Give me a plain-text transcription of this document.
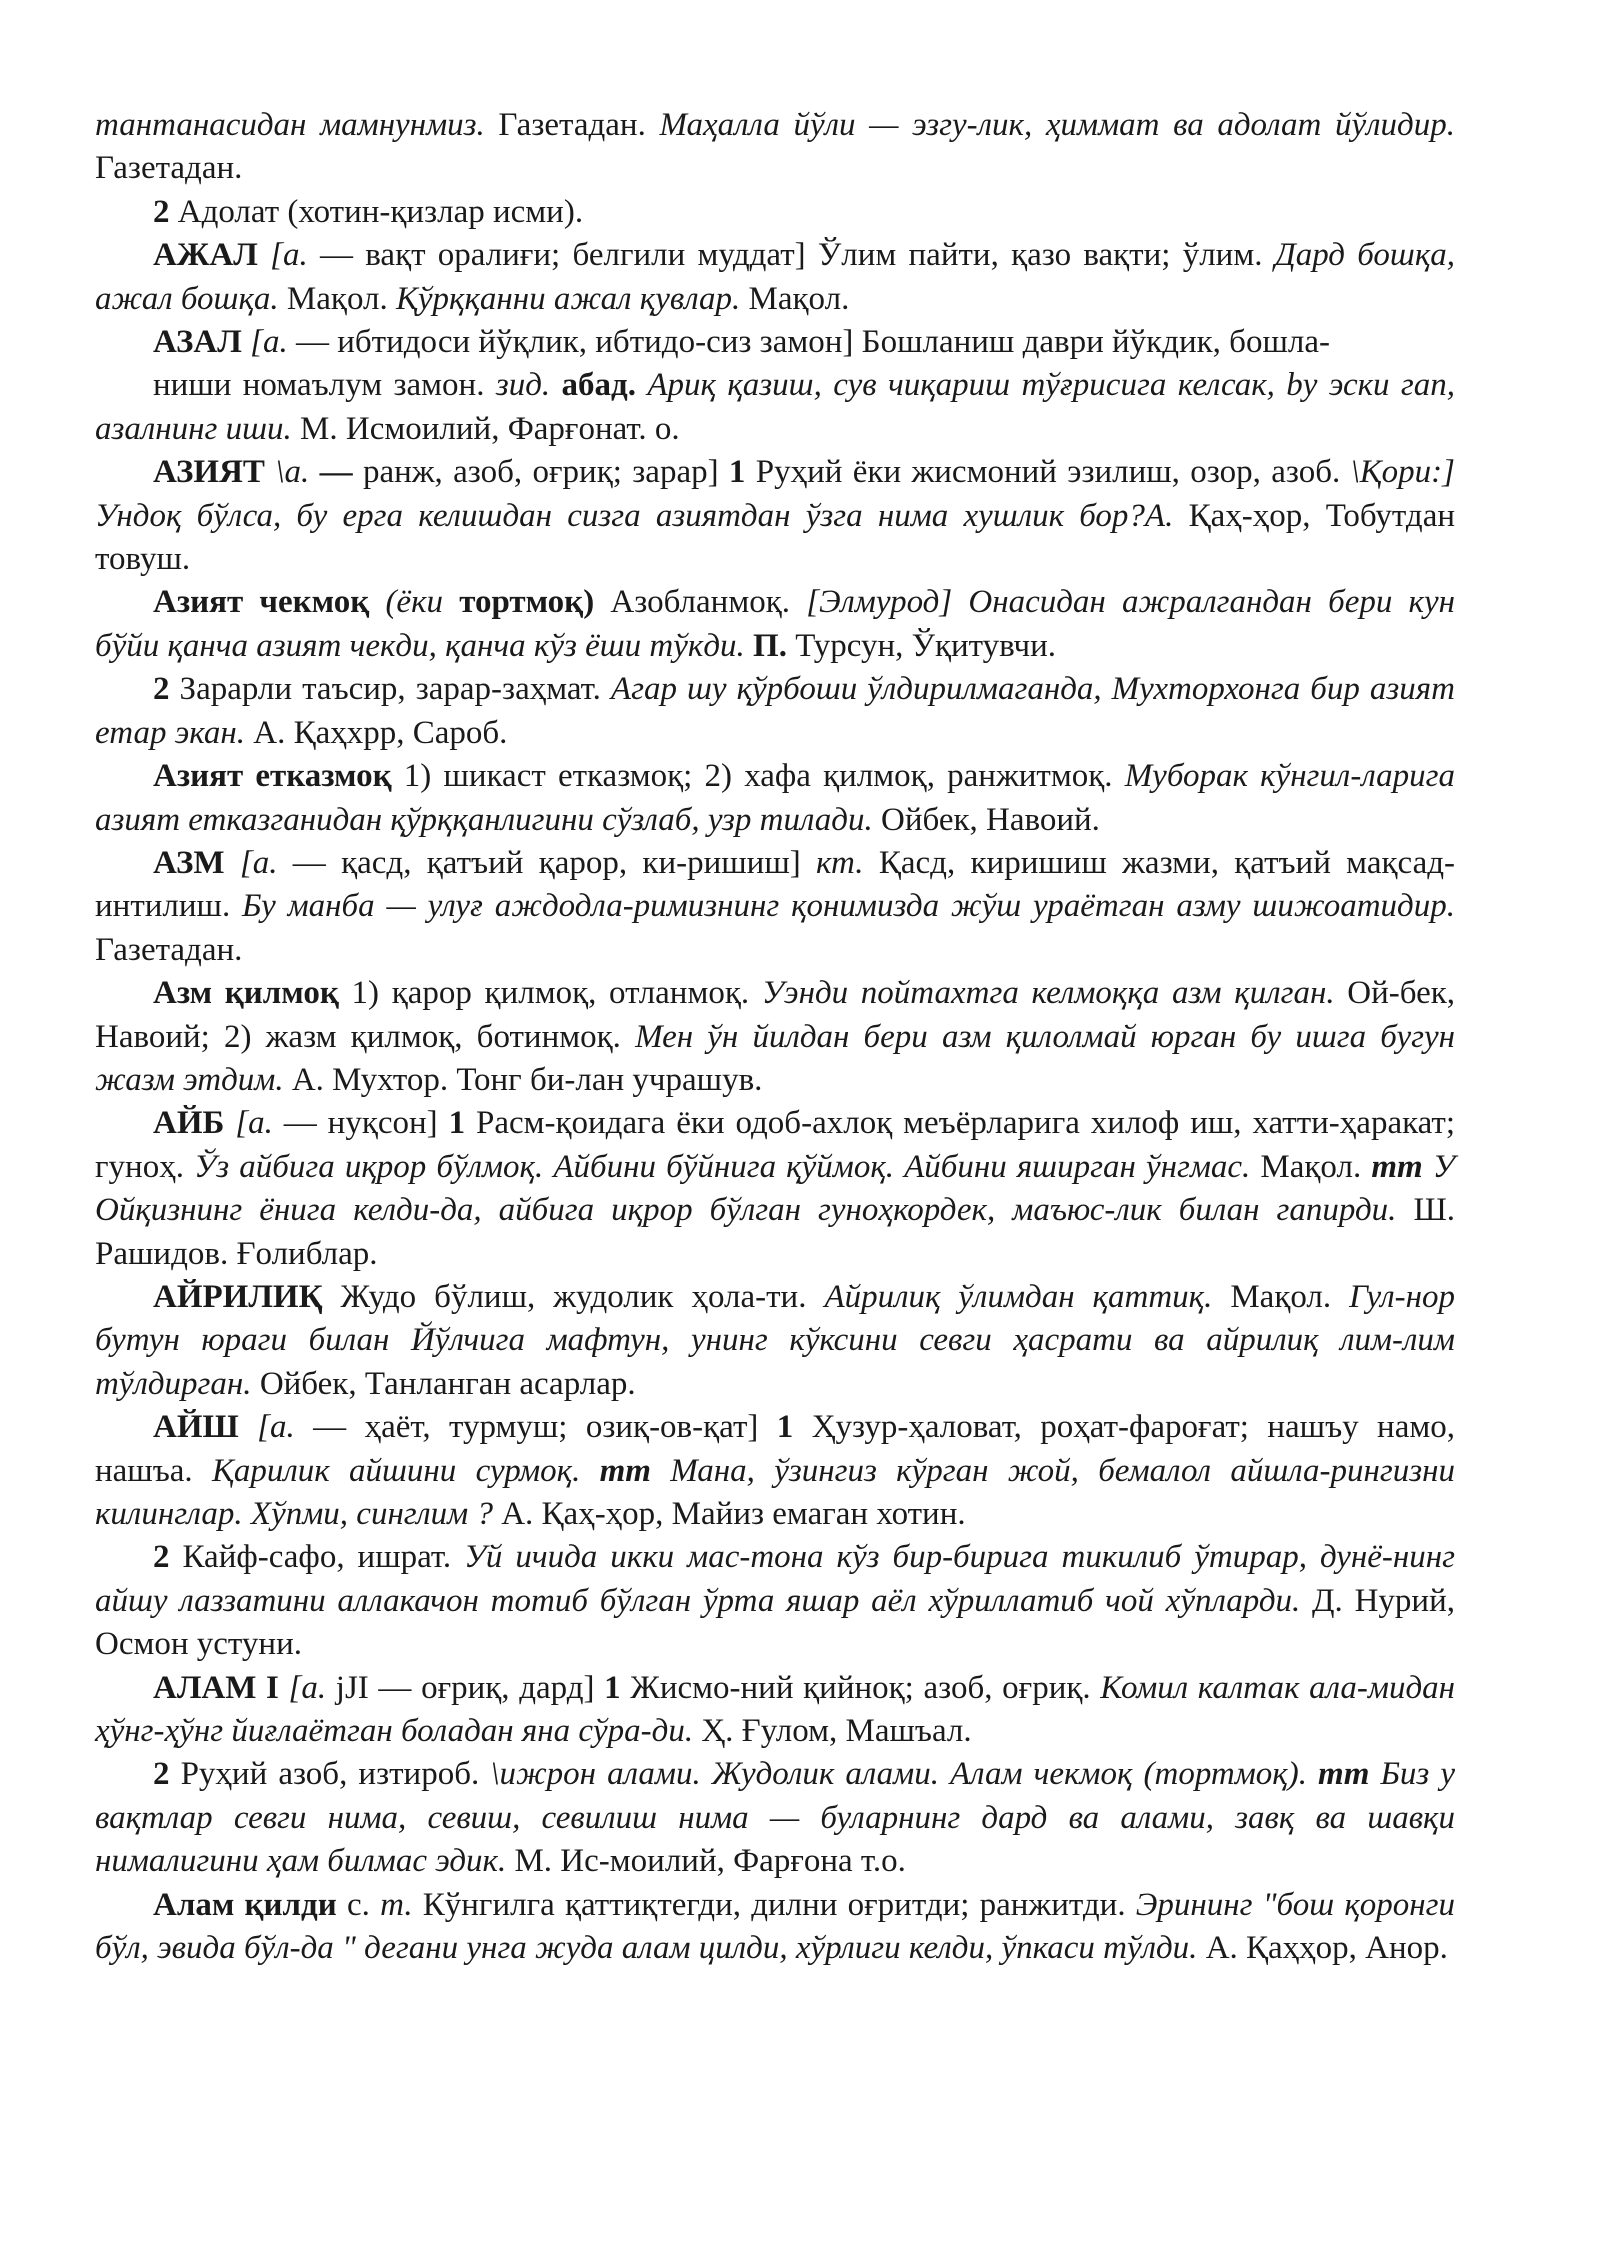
тантанасидан мамнунмиз. Газетадан. Маҳалла йўли — эзгу-лик, ҳиммат ва адолат йўлидир. Газетадан.

2 Адолат (хотин-қизлар исми).

АЖАЛ [а. — вақт оралиғи; белгили муддат] Ўлим пайти, қазо вақти; ўлим. Дард бошқа, ажал бошқа. Мақол. Қўрққанни ажал қувлар. Мақол.

АЗАЛ [а. — ибтидоси йўқлик, ибтидо-сиз замон] Бошланиш даври йўкдик, бошла-

ниши номаълум замон. зид. абад. Ариқ қазиш, сув чиқариш тўғрисига келсак, bу эски гап, азалнинг иши. М. Исмоилий, Фарғонат. о.

АЗИЯТ \а. — ранж, азоб, оғриқ; зарар] 1 Руҳий ёки жисмоний эзилиш, озор, азоб. \Қори:] Ундоқ бўлса, бу ерга келишдан сизга азиятдан ўзга нима хушлик бор?А. Қаҳ-ҳор, Тобутдан товуш.

Азият чекмоқ (ёки тортмоқ) Азобланмоқ. [Элмурод] Онасидан ажралгандан бери кун бўйи қанча азият чекди, қанча кўз ёши тўкди. П. Турсун, Ўқитувчи.

2 Зарарли таъсир, зарар-заҳмат. Агар шу қўрбоши ўлдирилмаганда, Мухторхонга бир азият етар экан. А. Қаҳхрр, Сароб.

Азият етказмоқ 1) шикаст етказмоқ; 2) хафа қилмоқ, ранжитмоқ. Муборак кўнгил-ларига азият етказганидан қўрққанлигини сўзлаб, узр тилади. Ойбек, Навоий.

АЗМ [а. — қасд, қатъий қарор, ки-ришиш] кт. Қасд, киришиш жазми, қатъий мақсад-интилиш. Бу манба — улуғ аждодла-римизнинг қонимизда жўш ураётган азму шижоатидир. Газетадан.

Азм қилмоқ 1) қарор қилмоқ, отланмоқ. Уэнди пойтахтга келмоққа азм қилган. Ой-бек, Навоий; 2) жазм қилмоқ, ботинмоқ. Мен ўн йилдан бери азм қилолмай юрган бу ишга бугун жазм этдим. А. Мухтор. Тонг би-лан учрашув.

АЙБ [а. — нуқсон] 1 Расм-қоидага ёки одоб-ахлоқ меъёрларига хилоф иш, хатти-ҳаракат; гуноҳ. Ўз айбига иқрор бўлмоқ. Айбини бўйнига қўймоқ. Айбини яширган ўнгмас. Мақол. тт У Ойқизнинг ёнига келди-да, айбига иқрор бўлган гуноҳкордек, маъюс-лик билан гапирди. Ш. Рашидов. Ғолиблар.

АЙРИЛИҚ Жудо бўлиш, жудолик ҳола-ти. Айрилиқ ўлимдан қаттиқ. Мақол. Гул-нор бутун юраги билан Йўлчига мафтун, унинг кўксини севги ҳасрати ва айрилиқ лим-лим тўлдирган. Ойбек, Танланган асарлар.

АЙШ [а. — ҳаёт, турмуш; озиқ-ов-қат] 1 Ҳузур-ҳаловат, роҳат-фароғат; нашъу намо, нашъа. Қарилик айшини сурмоқ. тт Мана, ўзингиз кўрган жой, бемалол айшла-рингизни килинглар. Хўпми, синглим ? А. Қаҳ-ҳор, Майиз емаган хотин.

2 Кайф-сафо, ишрат. Уй ичида икки мас-тона кўз бир-бирига тикилиб ўтирар, дунё-нинг айшу лаззатини аллакачон тотиб бўлган ўрта яшар аёл хўриллатиб чой хўпларди. Д. Нурий, Осмон устуни.

АЛАМ I [а. jJI — оғриқ, дард] 1 Жисмо-ний қийноқ; азоб, оғриқ. Комил калтак ала-мидан ҳўнг-ҳўнг йиғлаётган боладан яна сўра-ди. Ҳ. Ғулом, Машъал.

2 Руҳий азоб, изтироб. \ижрон алами. Жудолик алами. Алам чекмоқ (тортмоқ). тт Биз у вақтлар севги нима, севиш, севилиш нима — буларнинг дард ва алами, завқ ва шавқи нималигини ҳам билмас эдик. М. Ис-моилий, Фарғона т.о.

Алам қилди с. т. Кўнгилга қаттиқтегди, дилни оғритди; ранжитди. Эрининг "бош қоронги бўл, эвида бўл-да " дегани унга жуда алам цилди, хўрлиги келди, ўпкаси тўлди. А. Қаҳҳор, Анор.
